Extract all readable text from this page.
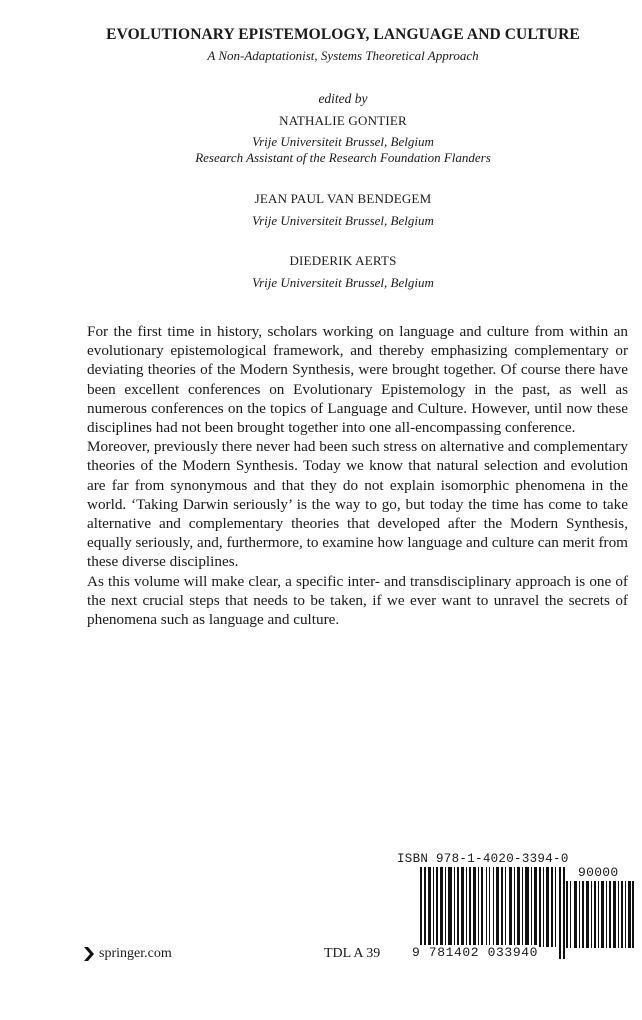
EVOLUTIONARY EPISTEMOLOGY, LANGUAGE AND CULTURE
A Non-Adaptationist, Systems Theoretical Approach
edited by
NATHALIE GONTIER
Vrije Universiteit Brussel, Belgium
Research Assistant of the Research Foundation Flanders
JEAN PAUL VAN BENDEGEM
Vrije Universiteit Brussel, Belgium
DIEDERIK AERTS
Vrije Universiteit Brussel, Belgium

For the first time in history, scholars working on language and culture from within an evolutionary epistemological framework, and thereby emphasizing complementary or deviating theories of the Modern Synthesis, were brought together. Of course there have been excellent conferences on Evolutionary Epistemology in the past, as well as numerous conferences on the topics of Language and Culture. However, until now these disciplines had not been brought together into one all-encompassing conference.

Moreover, previously there never had been such stress on alternative and complementary theories of the Modern Synthesis. Today we know that natural selection and evolution are far from synonymous and that they do not explain isomorphic phenomena in the world. ‘Taking Darwin seriously’ is the way to go, but today the time has come to take alternative and complementary theories that developed after the Modern Synthesis, equally seriously, and, furthermore, to examine how language and culture can merit from these diverse disciplines.

As this volume will make clear, a specific inter- and transdisciplinary approach is one of the next crucial steps that needs to be taken, if we ever want to unravel the secrets of phenomena such as language and culture.

ISBN 978-1-4020-3394-0
90000
9 781402 033940
springer.com	TDL A 39
